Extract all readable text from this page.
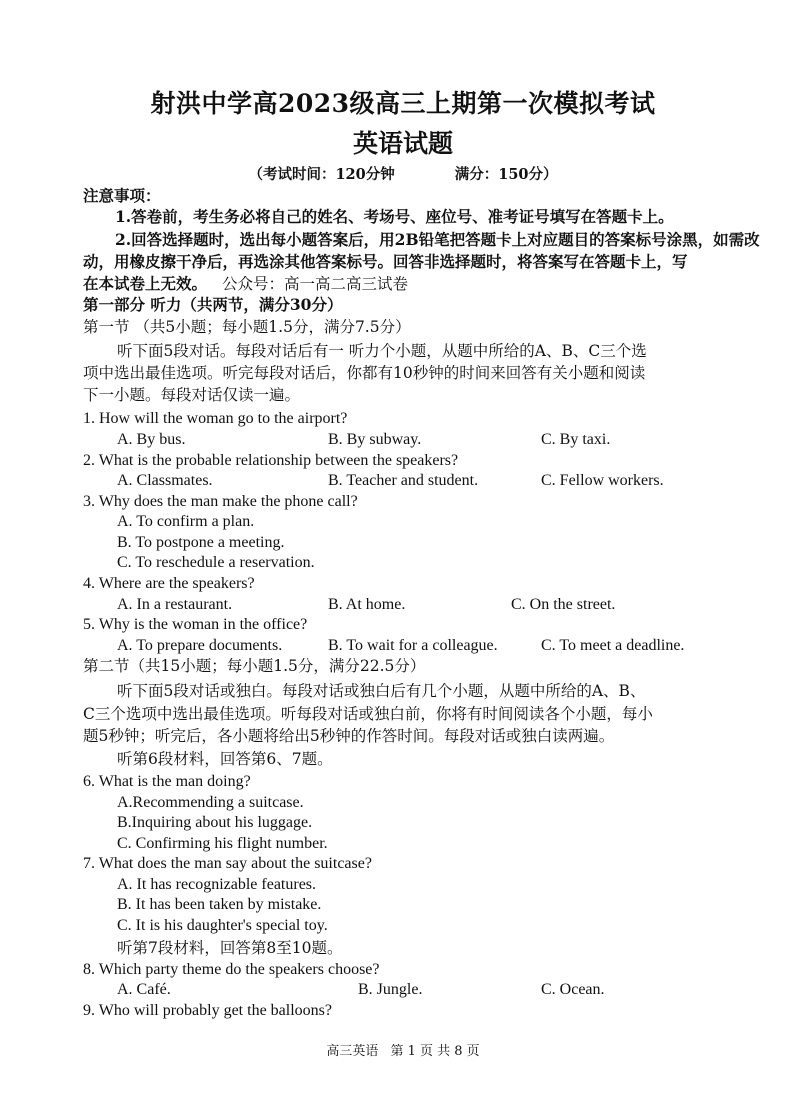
射洪中学高2023级高三上期第一次模拟考试
英语试题
（考试时间：120分钟	满分：150分）
注意事项：
1.答卷前，考生务必将自己的姓名、考场号、座位号、准考证号填写在答题卡上。
2.回答选择题时，选出每小题答案后，用2B铅笔把答题卡上对应题目的答案标号涂黑，如需改
动，用橡皮擦干净后，再选涂其他答案标号。回答非选择题时，将答案写在答题卡上，写
在本试卷上无效。 公众号：高一高二高三试卷
第一部分 听力（共两节，满分30分）
第一节 （共5小题；每小题1.5分，满分7.5分）
听下面5段对话。每段对话后有一 听力个小题，从题中所给的A、B、C三个选
项中选出最佳选项。听完每段对话后，你都有10秒钟的时间来回答有关小题和阅读
下一小题。每段对话仅读一遍。
1. How will the woman go to the airport?
A. By bus.	B. By subway.	C. By taxi.
2. What is the probable relationship between the speakers?
A. Classmates.	B. Teacher and student.	C. Fellow workers.
3. Why does the man make the phone call?
A. To confirm a plan.
B. To postpone a meeting.
C. To reschedule a reservation.
4. Where are the speakers?
A. In a restaurant.	B. At home.	C. On the street.
5. Why is the woman in the office?
A. To prepare documents.	B. To wait for a colleague.	C. To meet a deadline.
第二节（共15小题；每小题1.5分，满分22.5分）
听下面5段对话或独白。每段对话或独白后有几个小题，从题中所给的A、B、
C三个选项中选出最佳选项。听每段对话或独白前，你将有时间阅读各个小题，每小
题5秒钟；听完后，各小题将给出5秒钟的作答时间。每段对话或独白读两遍。
听第6段材料，回答第6、7题。
6. What is the man doing?
A.Recommending a suitcase.
B.Inquiring about his luggage.
C. Confirming his flight number.
7. What does the man say about the suitcase?
A. It has recognizable features.
B. It has been taken by mistake.
C. It is his daughter's special toy.
听第7段材料，回答第8至10题。
8. Which party theme do the speakers choose?
A. Café.	B. Jungle.	C. Ocean.
9. Who will probably get the balloons?
高三英语 第 1 页 共 8 页
